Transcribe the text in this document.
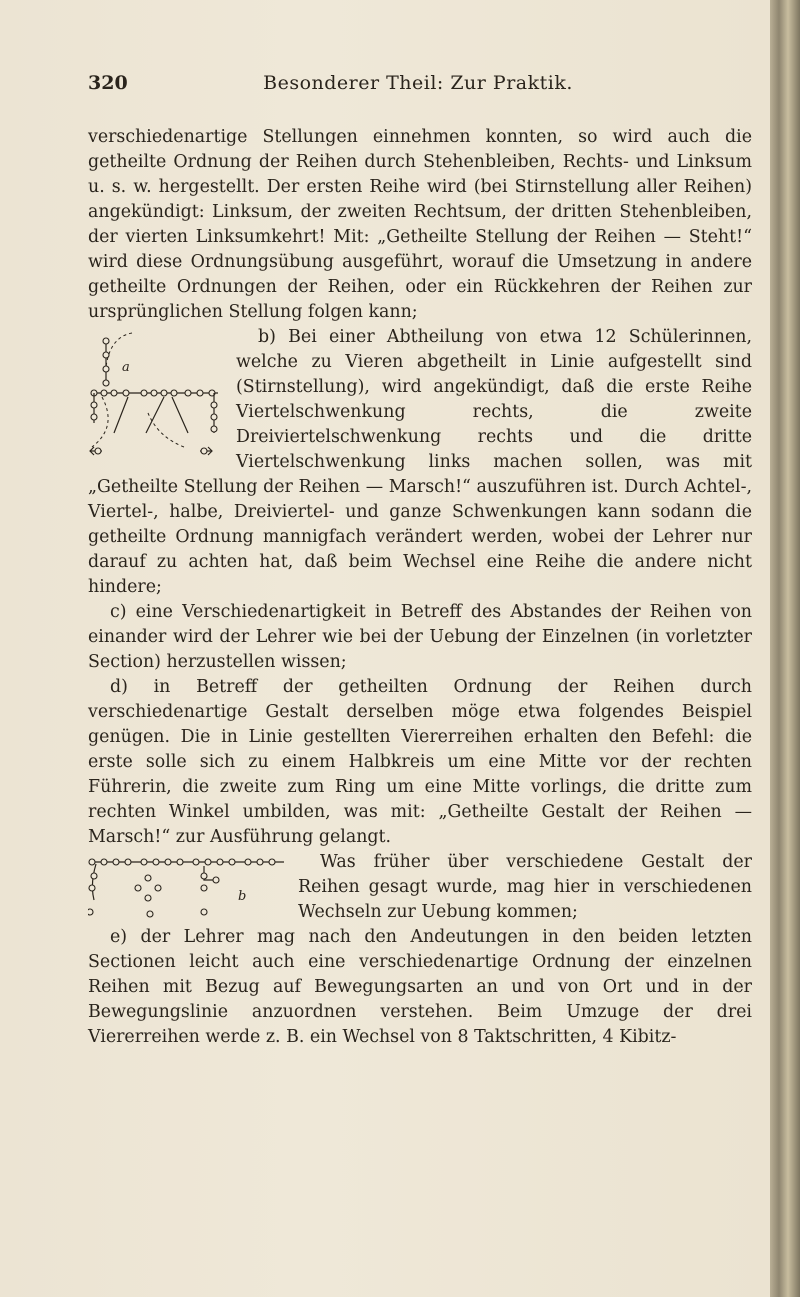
320	Besonderer Theil: Zur Praktik.

verschiedenartige Stellungen einnehmen konnten, so wird auch die getheilte Ordnung der Reihen durch Stehenbleiben, Rechts- und Linksum u. s. w. hergestellt. Der ersten Reihe wird (bei Stirnstellung aller Reihen) angekündigt: Linksum, der zweiten Rechtsum, der dritten Stehenbleiben, der vierten Linksumkehrt! Mit: „Getheilte Stellung der Reihen — Steht!“ wird diese Ordnungsübung ausgeführt, worauf die Umsetzung in andere getheilte Ordnungen der Reihen, oder ein Rückkehren der Reihen zur ursprünglichen Stellung folgen kann;

a

b) Bei einer Abtheilung von etwa 12 Schülerinnen, welche zu Vieren abgetheilt in Linie aufgestellt sind (Stirnstellung), wird angekündigt, daß die erste Reihe Viertelschwenkung rechts, die zweite Dreiviertelschwenkung rechts und die dritte Viertelschwenkung links machen sollen, was mit „Getheilte Stellung der Reihen — Marsch!“ auszuführen ist. Durch Achtel-, Viertel-, halbe, Dreiviertel- und ganze Schwenkungen kann sodann die getheilte Ordnung mannigfach verändert werden, wobei der Lehrer nur darauf zu achten hat, daß beim Wechsel eine Reihe die andere nicht hindere;

c) eine Verschiedenartigkeit in Betreff des Abstandes der Reihen von einander wird der Lehrer wie bei der Uebung der Einzelnen (in vorletzter Section) herzustellen wissen;

d) in Betreff der getheilten Ordnung der Reihen durch verschiedenartige Gestalt derselben möge etwa folgendes Beispiel genügen. Die in Linie gestellten Viererreihen erhalten den Befehl: die erste solle sich zu einem Halbkreis um eine Mitte vor der rechten Führerin, die zweite zum Ring um eine Mitte vorlings, die dritte zum rechten Winkel umbilden, was mit: „Getheilte Gestalt der Reihen — Marsch!“ zur Ausführung gelangt.

b

Was früher über verschiedene Gestalt der Reihen gesagt wurde, mag hier in verschiedenen Wechseln zur Uebung kommen;

e) der Lehrer mag nach den Andeutungen in den beiden letzten Sectionen leicht auch eine verschiedenartige Ordnung der einzelnen Reihen mit Bezug auf Bewegungsarten an und von Ort und in der Bewegungslinie anzuordnen verstehen. Beim Umzuge der drei Viererreihen werde z. B. ein Wechsel von 8 Taktschritten, 4 Kibitz-
